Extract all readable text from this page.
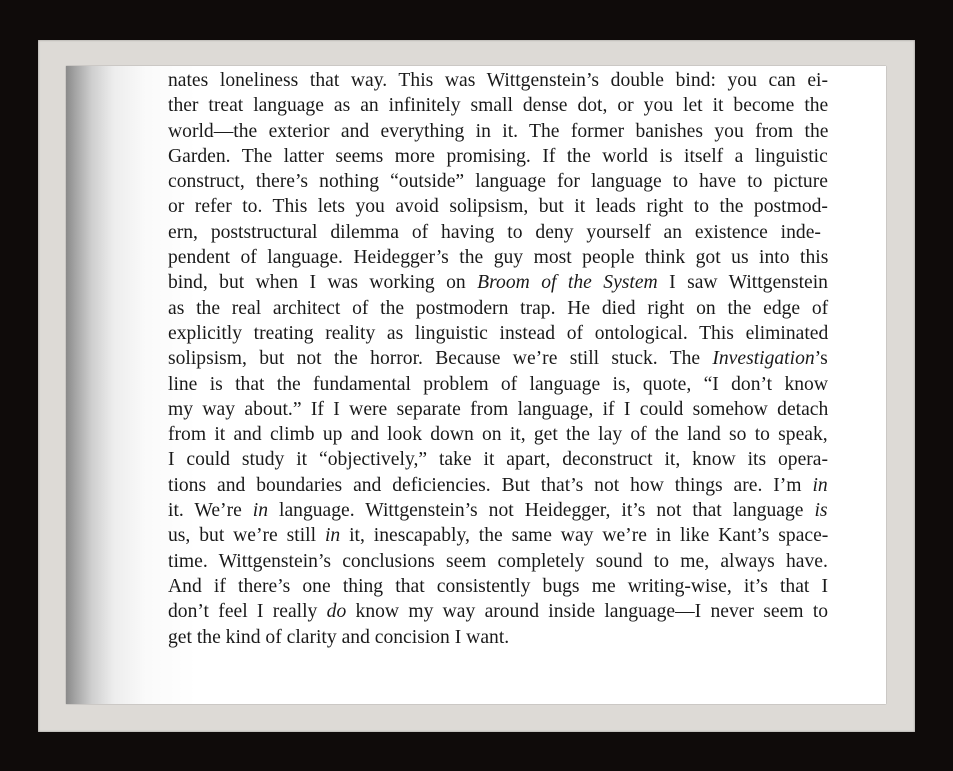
nates loneliness that way. This was Wittgenstein’s double bind: you can ei-
ther treat language as an infinitely small dense dot, or you let it become the
world—the exterior and everything in it. The former banishes you from the
Garden. The latter seems more promising. If the world is itself a linguistic
construct, there’s nothing “outside” language for language to have to picture
or refer to. This lets you avoid solipsism, but it leads right to the postmod-
ern, poststructural dilemma of having to deny yourself an existence inde-
pendent of language. Heidegger’s the guy most people think got us into this
bind, but when I was working on Broom of the System I saw Wittgenstein
as the real architect of the postmodern trap. He died right on the edge of
explicitly treating reality as linguistic instead of ontological. This eliminated
solipsism, but not the horror. Because we’re still stuck. The Investigation’s
line is that the fundamental problem of language is, quote, “I don’t know
my way about.” If I were separate from language, if I could somehow detach
from it and climb up and look down on it, get the lay of the land so to speak,
I could study it “objectively,” take it apart, deconstruct it, know its opera-
tions and boundaries and deficiencies. But that’s not how things are. I’m in
it. We’re in language. Wittgenstein’s not Heidegger, it’s not that language is
us, but we’re still in it, inescapably, the same way we’re in like Kant’s space-
time. Wittgenstein’s conclusions seem completely sound to me, always have.
And if there’s one thing that consistently bugs me writing-wise, it’s that I
don’t feel I really do know my way around inside language—I never seem to
get the kind of clarity and concision I want.
